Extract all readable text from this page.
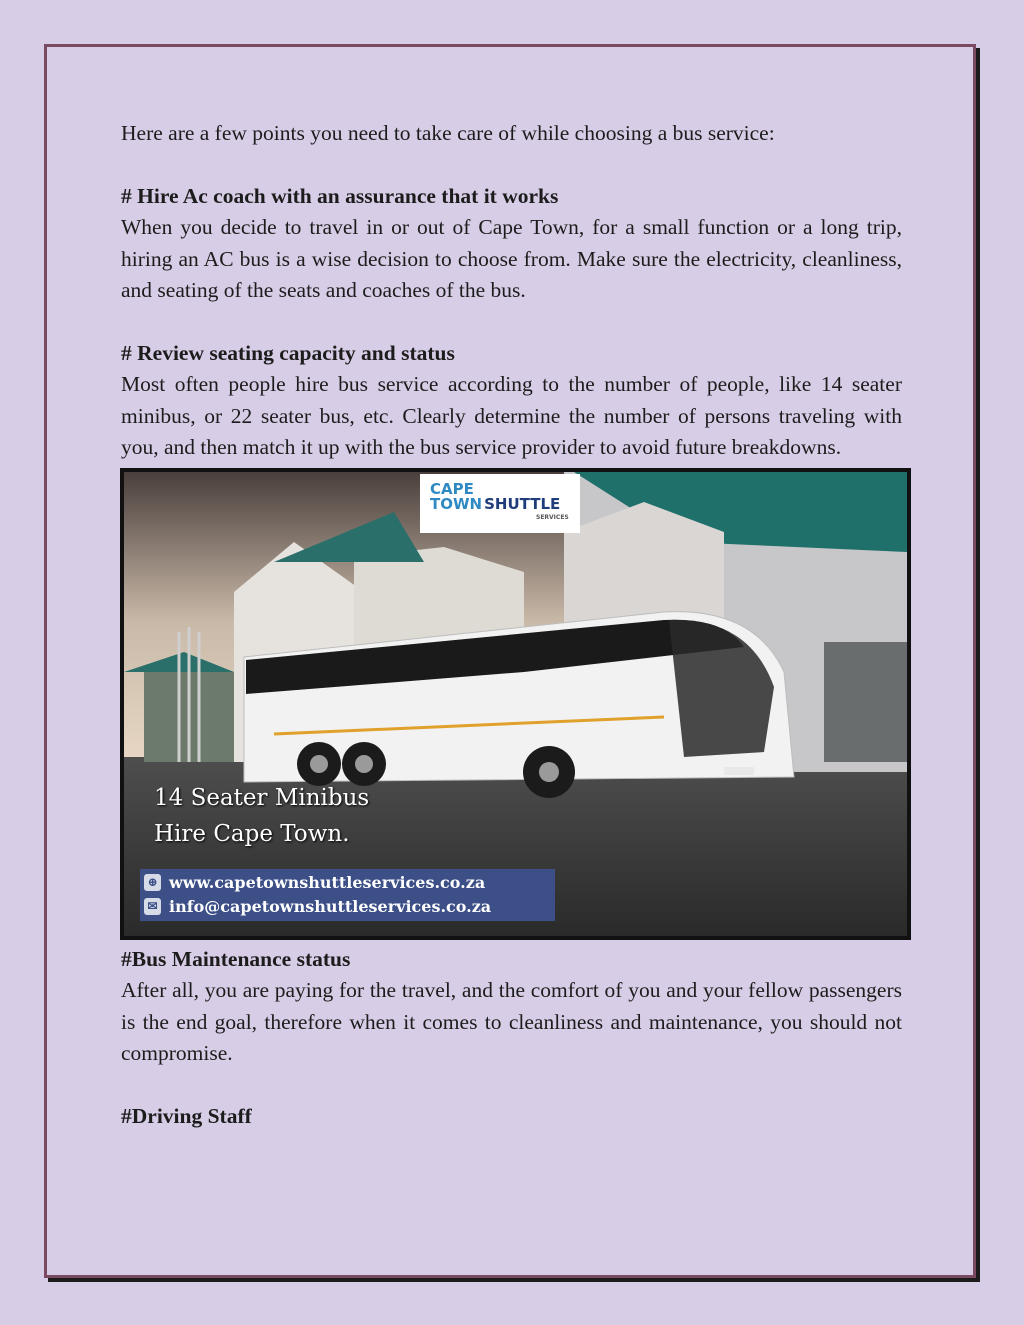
Here are a few points you need to take care of while choosing a bus service:

# Hire Ac coach with an assurance that it works

When you decide to travel in or out of Cape Town, for a small function or a long trip, hiring an AC bus is a wise decision to choose from. Make sure the electricity, cleanliness, and seating of the seats and coaches of the bus.

# Review seating capacity and status

Most often people hire bus service according to the number of people, like 14 seater minibus, or 22 seater bus, etc. Clearly determine the number of persons traveling with you, and then match it up with the bus service provider to avoid future breakdowns.

CAPE
TOWN SHUTTLE
SERVICES
14 Seater Minibus
Hire Cape Town.
⊕ www.capetownshuttleservices.co.za
✉ info@capetownshuttleservices.co.za

#Bus Maintenance status

After all, you are paying for the travel, and the comfort of you and your fellow passengers is the end goal, therefore when it comes to cleanliness and maintenance, you should not compromise.

#Driving Staff
